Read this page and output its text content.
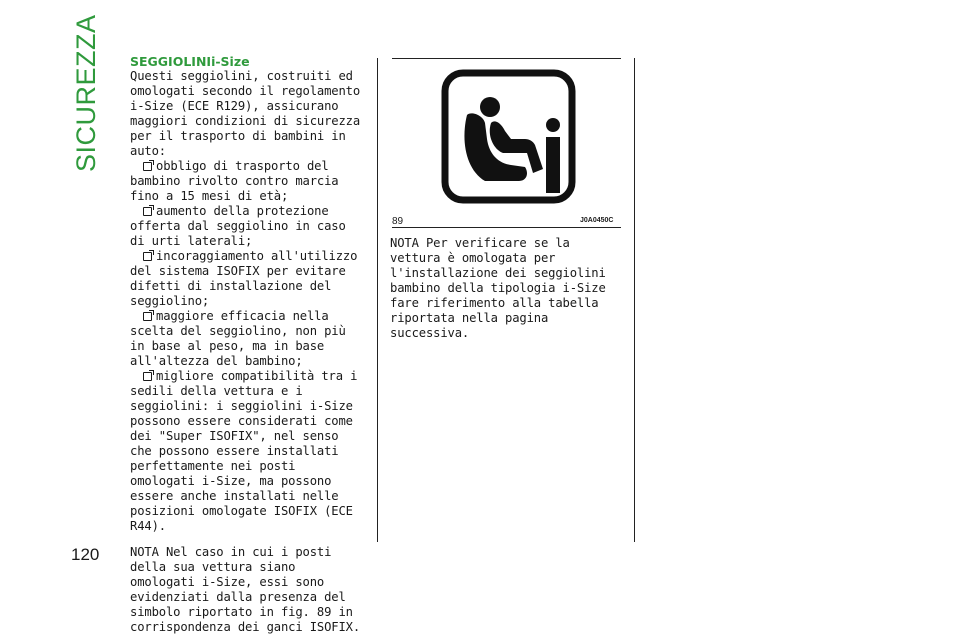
SICUREZZA
120
SEGGIOLINIi-Size

Questi seggiolini, costruiti ed omologati secondo il regolamento i-Size (ECE R129), assicurano maggiori condizioni di sicurezza per il trasporto di bambini in auto:

obbligo di trasporto del bambino rivolto contro marcia fino a 15 mesi di età;
aumento della protezione offerta dal seggiolino in caso di urti laterali;
incoraggiamento all'utilizzo del sistema ISOFIX per evitare difetti di installazione del seggiolino;
maggiore efficacia nella scelta del seggiolino, non più in base al peso, ma in base all'altezza del bambino;
migliore compatibilità tra i sedili della vettura e i seggiolini: i seggiolini i-Size possono essere considerati come dei "Super ISOFIX", nel senso che possono essere installati perfettamente nei posti omologati i-Size, ma possono essere anche installati nelle posizioni omologate ISOFIX (ECE R44).

NOTA Nel caso in cui i posti della sua vettura siano omologati i-Size, essi sono evidenziati dalla presenza del simbolo riportato in fig. 89 in corrispondenza dei ganci ISOFIX.

89	J0A0450C

NOTA Per verificare se la vettura è omologata per l'installazione dei seggiolini bambino della tipologia i-Size fare riferimento alla tabella riportata nella pagina successiva.
